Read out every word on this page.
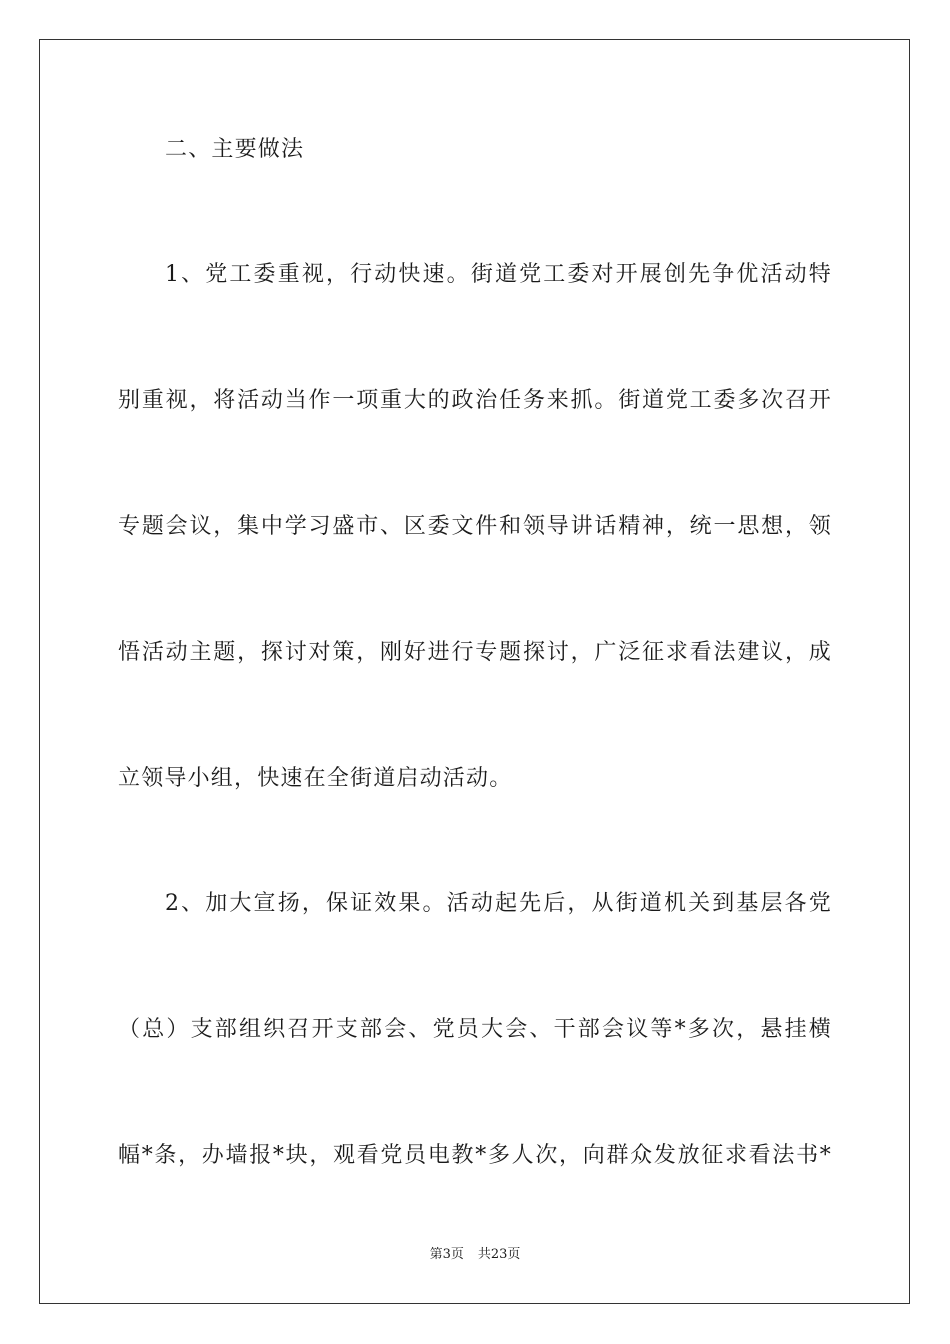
二、主要做法
1、党工委重视，行动快速。街道党工委对开展创先争优活动特
别重视，将活动当作一项重大的政治任务来抓。街道党工委多次召开
专题会议，集中学习盛市、区委文件和领导讲话精神，统一思想，领
悟活动主题，探讨对策，刚好进行专题探讨，广泛征求看法建议，成
立领导小组，快速在全街道启动活动。
2、加大宣扬，保证效果。活动起先后，从街道机关到基层各党
（总）支部组织召开支部会、党员大会、干部会议等*多次，悬挂横
幅*条，办墙报*块，观看党员电教*多人次，向群众发放征求看法书*
第3页 共23页
